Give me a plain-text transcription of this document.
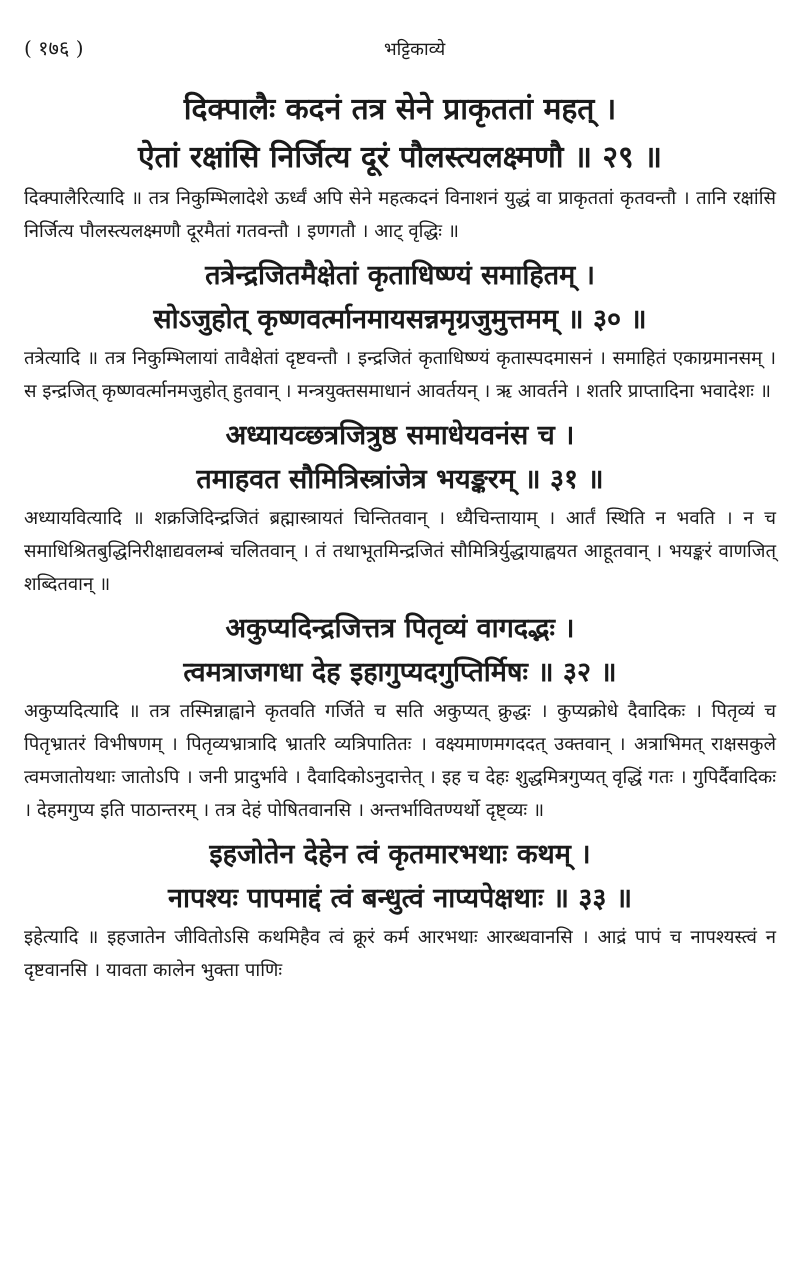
( १७६ )	भट्टिकाव्ये
दिक्पालैः कदनं तत्र सेने प्राकृततां महत् ।
ऐतां रक्षांसि निर्जित्य दूरं पौलस्त्यलक्ष्मणौ ॥ २९ ॥

दिक्पालैरित्यादि ॥ तत्र निकुम्भिलादेशे ऊर्ध्वं अपि सेने महत्कदनं विनाशनं युद्धं वा प्राकृततां कृतवन्तौ । तानि रक्षांसि निर्जित्य पौलस्त्यलक्ष्मणौ दूरमैतां गतवन्तौ । इणगतौ । आट् वृद्धिः ॥

तत्रेन्द्रजितमैक्षेतां कृताधिष्ण्यं समाहितम् ।
सोऽजुहोत् कृष्णवर्त्मानमायसन्नमृग्रजुमुत्तमम् ॥ ३० ॥

तत्रेत्यादि ॥ तत्र निकुम्भिलायां तावैक्षेतां दृष्टवन्तौ । इन्द्रजितं कृताधिष्ण्यं कृतास्पदमासनं । समाहितं एकाग्रमानसम् । स इन्द्रजित् कृष्णवर्त्मानमजुहोत् हुतवान् । मन्त्रयुक्तसमाधानं आवर्तयन् । ऋ आवर्तने । शतरि प्राप्तादिना भवादेशः ॥

अध्यायव्छत्रजित्रुष्ठ समाधेयवनंस च ।
तमाहवत सौमित्रिस्त्रांजेत्र भयङ्करम् ॥ ३१ ॥

अध्यायवित्यादि ॥ शक्रजिदिन्द्रजितं ब्रह्मास्त्रायतं चिन्तितवान् । ध्यैचिन्तायाम् । आर्तं स्थिति न भवति । न च समाधिश्रितबुद्धिनिरीक्षाद्यवलम्बं चलितवान् । तं तथाभूतमिन्द्रजितं सौमित्रिर्युद्धायाह्वयत आहूतवान् । भयङ्करं वाणजित् शब्दितवान् ॥

अकुप्यदिन्द्रजित्तत्र पितृव्यं वागदद्भः ।
त्वमत्राजगधा देह इहागुप्यदगुप्तिर्मिषः ॥ ३२ ॥

अकुप्यदित्यादि ॥ तत्र तस्मिन्नाह्वाने कृतवति गर्जिते च सति अकुप्यत् क्रुद्धः । कुप्यक्रोधे दैवादिकः । पितृव्यं च पितृभ्रातरं विभीषणम् । पितृव्यभ्रात्रादि भ्रातरि व्यत्रिपातितः । वक्ष्यमाणमगददत् उक्तवान् । अत्राभिमत् राक्षसकुले त्वमजातोयथाः जातोऽपि । जनी प्रादुर्भावे । दैवादिकोऽनुदात्तेत् । इह च देहः शुद्धमित्रगुप्यत् वृद्धिं गतः । गुपिर्दैवादिकः । देहमगुप्य इति पाठान्तरम् । तत्र देहं पोषितवानसि । अन्तर्भावितण्यर्थो दृष्ट्व्यः ॥

इहजोतेन देहेन त्वं कृतमारभथाः कथम् ।
नापश्यः पापमाद्दं त्वं बन्धुत्वं नाप्यपेक्षथाः ॥ ३३ ॥

इहेत्यादि ॥ इहजातेन जीवितोऽसि कथमिहैव त्वं क्रूरं कर्म आरभथाः आरब्धवानसि । आद्रं पापं च नापश्यस्त्वं न दृष्टवानसि । यावता कालेन भुक्ता पाणिः
